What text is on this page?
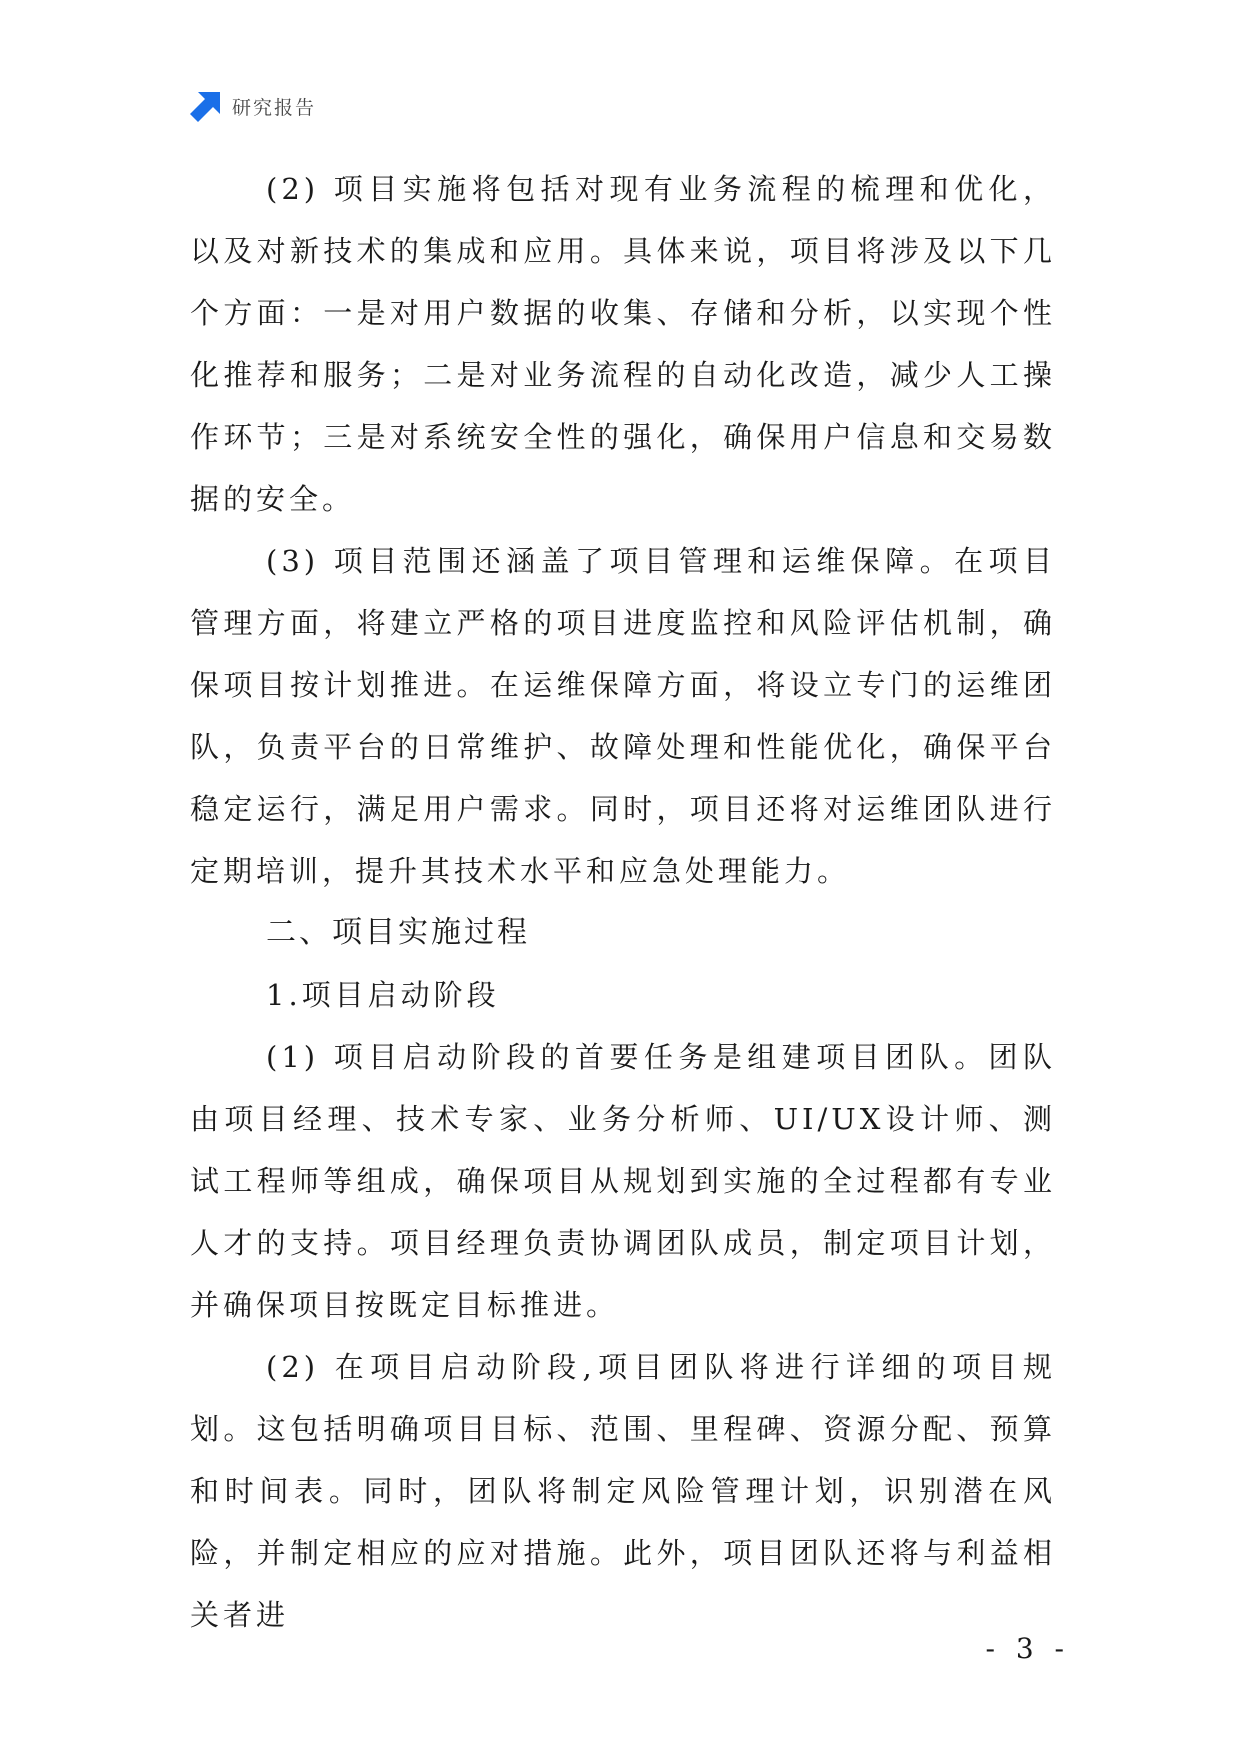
研究报告

(2) 项目实施将包括对现有业务流程的梳理和优化，以及对新技术的集成和应用。具体来说，项目将涉及以下几个方面：一是对用户数据的收集、存储和分析，以实现个性化推荐和服务；二是对业务流程的自动化改造，减少人工操作环节；三是对系统安全性的强化，确保用户信息和交易数据的安全。

(3) 项目范围还涵盖了项目管理和运维保障。在项目管理方面，将建立严格的项目进度监控和风险评估机制，确保项目按计划推进。在运维保障方面，将设立专门的运维团队，负责平台的日常维护、故障处理和性能优化，确保平台稳定运行，满足用户需求。同时，项目还将对运维团队进行定期培训，提升其技术水平和应急处理能力。

二、项目实施过程

1.项目启动阶段

(1) 项目启动阶段的首要任务是组建项目团队。团队由项目经理、技术专家、业务分析师、UI/UX设计师、测试工程师等组成，确保项目从规划到实施的全过程都有专业人才的支持。项目经理负责协调团队成员，制定项目计划，并确保项目按既定目标推进。

(2) 在项目启动阶段,项目团队将进行详细的项目规划。这包括明确项目目标、范围、里程碑、资源分配、预算和时间表。同时，团队将制定风险管理计划，识别潜在风险，并制定相应的应对措施。此外，项目团队还将与利益相关者进

- 3 -
